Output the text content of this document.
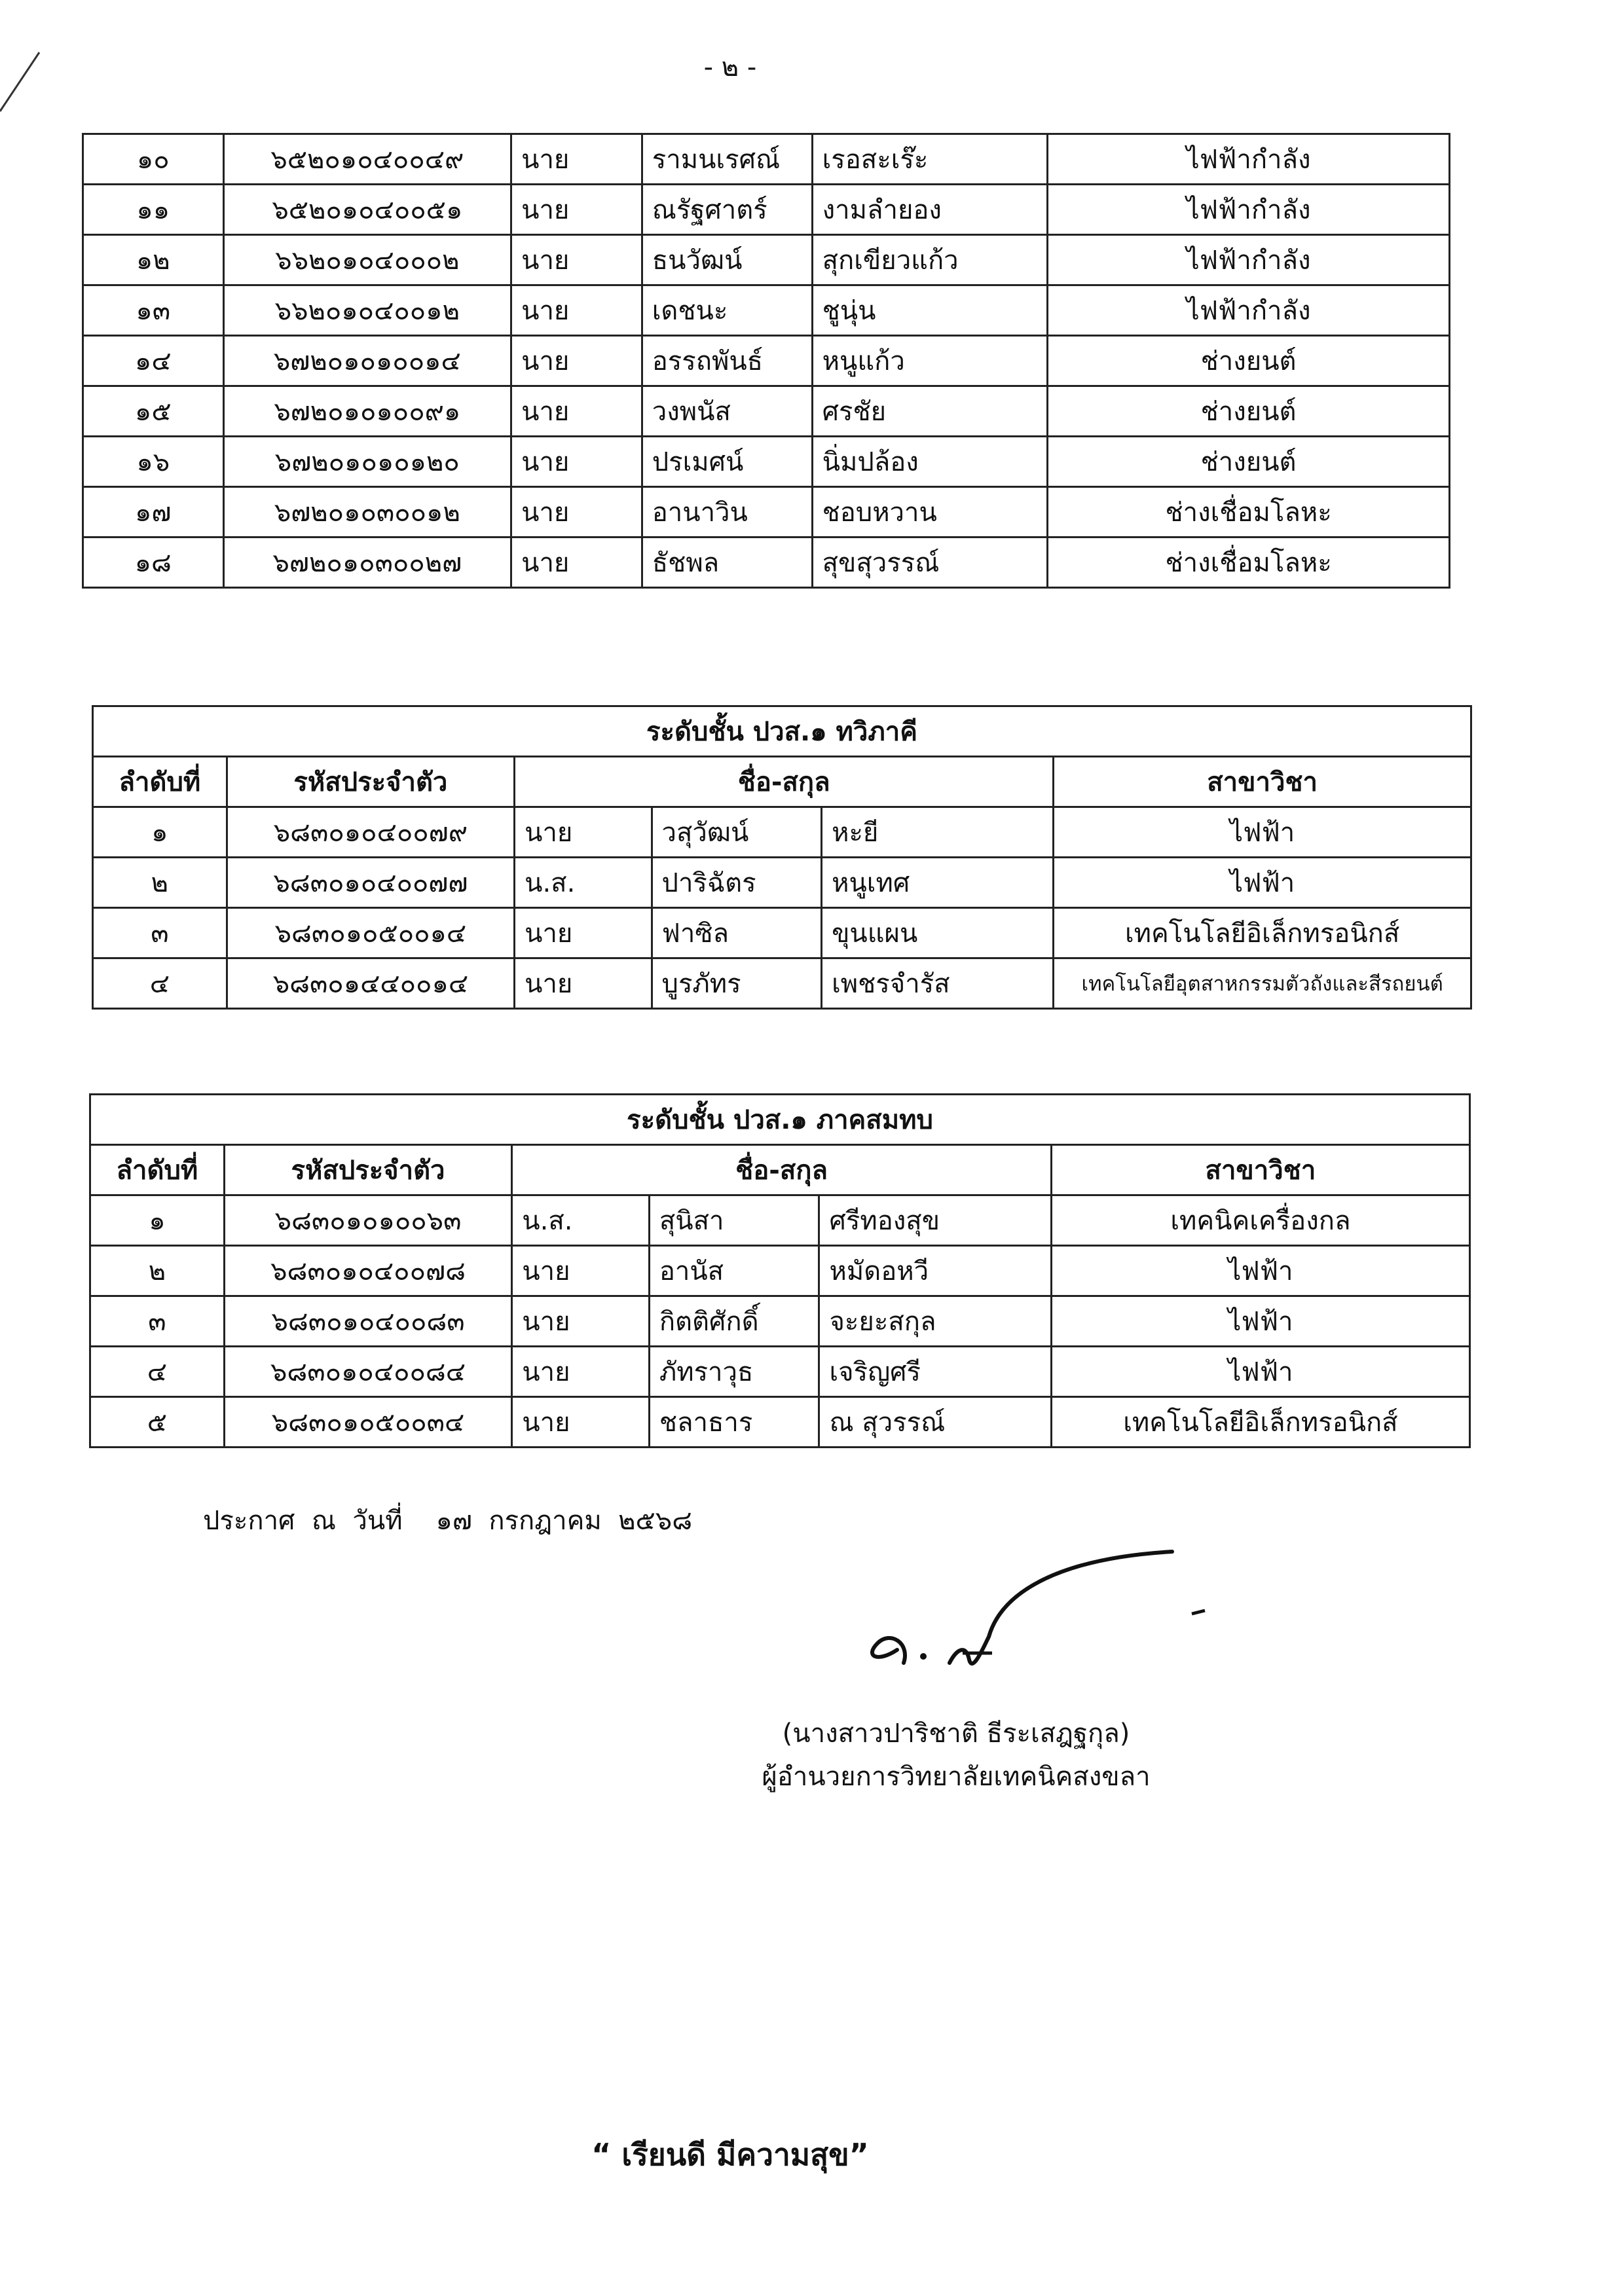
- ๒ -
๑๐	๖๕๒๐๑๐๔๐๐๔๙	นาย	รามนเรศณ์	เรอสะเร๊ะ	ไฟฟ้ากำลัง
๑๑	๖๕๒๐๑๐๔๐๐๕๑	นาย	ณรัฐศาตร์	งามลำยอง	ไฟฟ้ากำลัง
๑๒	๖๖๒๐๑๐๔๐๐๐๒	นาย	ธนวัฒน์	สุกเขียวแก้ว	ไฟฟ้ากำลัง
๑๓	๖๖๒๐๑๐๔๐๐๑๒	นาย	เดชนะ	ชูนุ่น	ไฟฟ้ากำลัง
๑๔	๖๗๒๐๑๐๑๐๐๑๔	นาย	อรรถพันธ์	หนูแก้ว	ช่างยนต์
๑๕	๖๗๒๐๑๐๑๐๐๙๑	นาย	วงพนัส	ศรชัย	ช่างยนต์
๑๖	๖๗๒๐๑๐๑๐๑๒๐	นาย	ปรเมศน์	นิ่มปล้อง	ช่างยนต์
๑๗	๖๗๒๐๑๐๓๐๐๑๒	นาย	อานาวิน	ชอบหวาน	ช่างเชื่อมโลหะ
๑๘	๖๗๒๐๑๐๓๐๐๒๗	นาย	ธัชพล	สุขสุวรรณ์	ช่างเชื่อมโลหะ
ระดับชั้น ปวส.๑ ทวิภาคี					
ลำดับที่	รหัสประจำตัว	ชื่อ-สกุล			สาขาวิชา
๑	๖๘๓๐๑๐๔๐๐๗๙	นาย	วสุวัฒน์	หะยี	ไฟฟ้า
๒	๖๘๓๐๑๐๔๐๐๗๗	น.ส.	ปาริฉัตร	หนูเทศ	ไฟฟ้า
๓	๖๘๓๐๑๐๕๐๐๑๔	นาย	ฟาซิล	ขุนแผน	เทคโนโลยีอิเล็กทรอนิกส์
๔	๖๘๓๐๑๔๔๐๐๑๔	นาย	บูรภัทร	เพชรจำรัส	เทคโนโลยีอุตสาหกรรมตัวถังและสีรถยนต์
ระดับชั้น ปวส.๑ ภาคสมทบ					
ลำดับที่	รหัสประจำตัว	ชื่อ-สกุล			สาขาวิชา
๑	๖๘๓๐๑๐๑๐๐๖๓	น.ส.	สุนิสา	ศรีทองสุข	เทคนิคเครื่องกล
๒	๖๘๓๐๑๐๔๐๐๗๘	นาย	อานัส	หมัดอหวี	ไฟฟ้า
๓	๖๘๓๐๑๐๔๐๐๘๓	นาย	กิตติศักดิ์	จะยะสกุล	ไฟฟ้า
๔	๖๘๓๐๑๐๔๐๐๘๔	นาย	ภัทราวุธ	เจริญศรี	ไฟฟ้า
๕	๖๘๓๐๑๐๕๐๐๓๔	นาย	ชลาธาร	ณ สุวรรณ์	เทคโนโลยีอิเล็กทรอนิกส์
ประกาศ  ณ  วันที่ ๑๗ กรกฎาคม ๒๕๖๘
(นางสาวปาริชาติ ธีระเสฎฐกุล)
ผู้อำนวยการวิทยาลัยเทคนิคสงขลา
“ เรียนดี มีความสุข”
